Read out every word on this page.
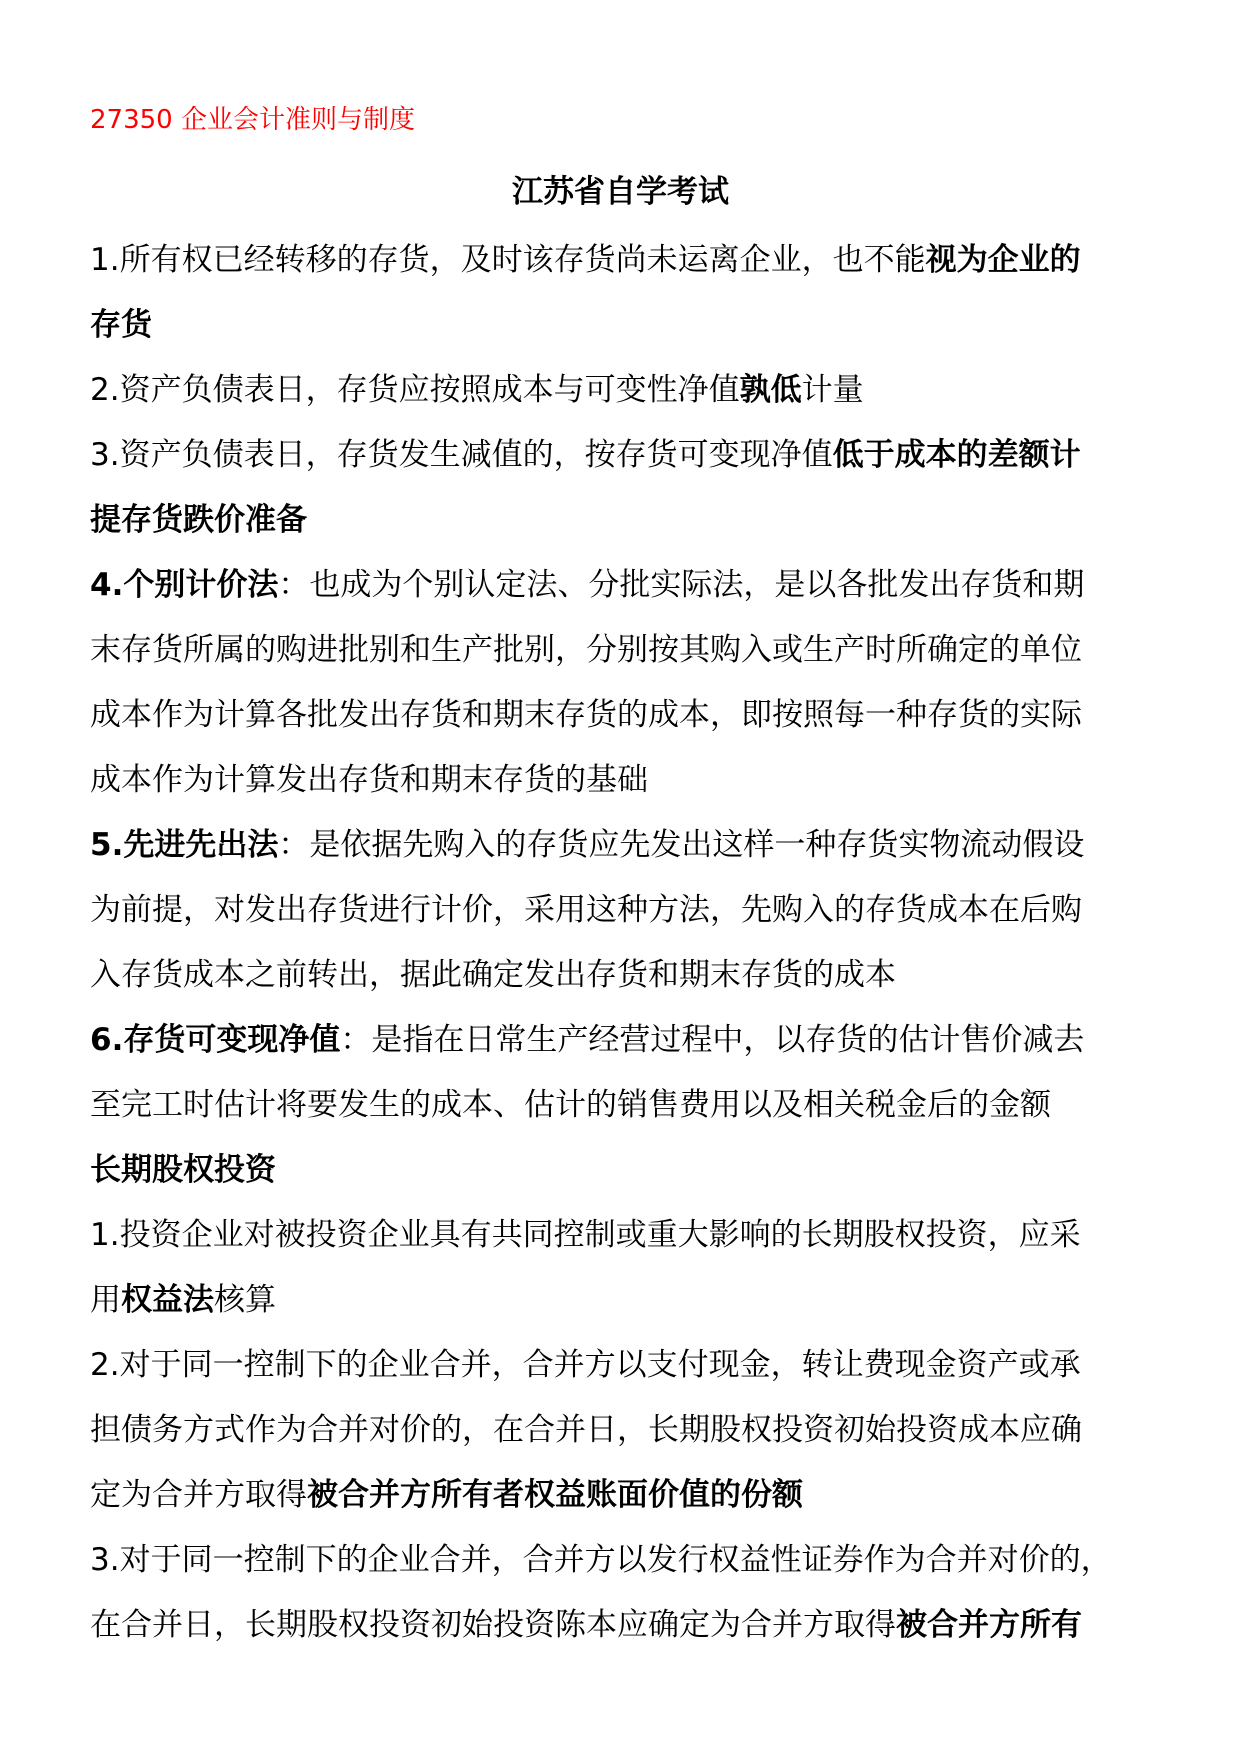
27350 企业会计准则与制度
江苏省自学考试
1.所有权已经转移的存货，及时该存货尚未运离企业，也不能视为企业的
存货
2.资产负债表日，存货应按照成本与可变性净值孰低计量
3.资产负债表日，存货发生减值的，按存货可变现净值低于成本的差额计
提存货跌价准备
4.个别计价法：也成为个别认定法、分批实际法，是以各批发出存货和期
末存货所属的购进批别和生产批别，分别按其购入或生产时所确定的单位
成本作为计算各批发出存货和期末存货的成本，即按照每一种存货的实际
成本作为计算发出存货和期末存货的基础
5.先进先出法：是依据先购入的存货应先发出这样一种存货实物流动假设
为前提，对发出存货进行计价，采用这种方法，先购入的存货成本在后购
入存货成本之前转出，据此确定发出存货和期末存货的成本
6.存货可变现净值：是指在日常生产经营过程中，以存货的估计售价减去
至完工时估计将要发生的成本、估计的销售费用以及相关税金后的金额
长期股权投资
1.投资企业对被投资企业具有共同控制或重大影响的长期股权投资，应采
用权益法核算
2.对于同一控制下的企业合并，合并方以支付现金，转让费现金资产或承
担债务方式作为合并对价的，在合并日，长期股权投资初始投资成本应确
定为合并方取得被合并方所有者权益账面价值的份额
3.对于同一控制下的企业合并，合并方以发行权益性证券作为合并对价的，
在合并日，长期股权投资初始投资陈本应确定为合并方取得被合并方所有
